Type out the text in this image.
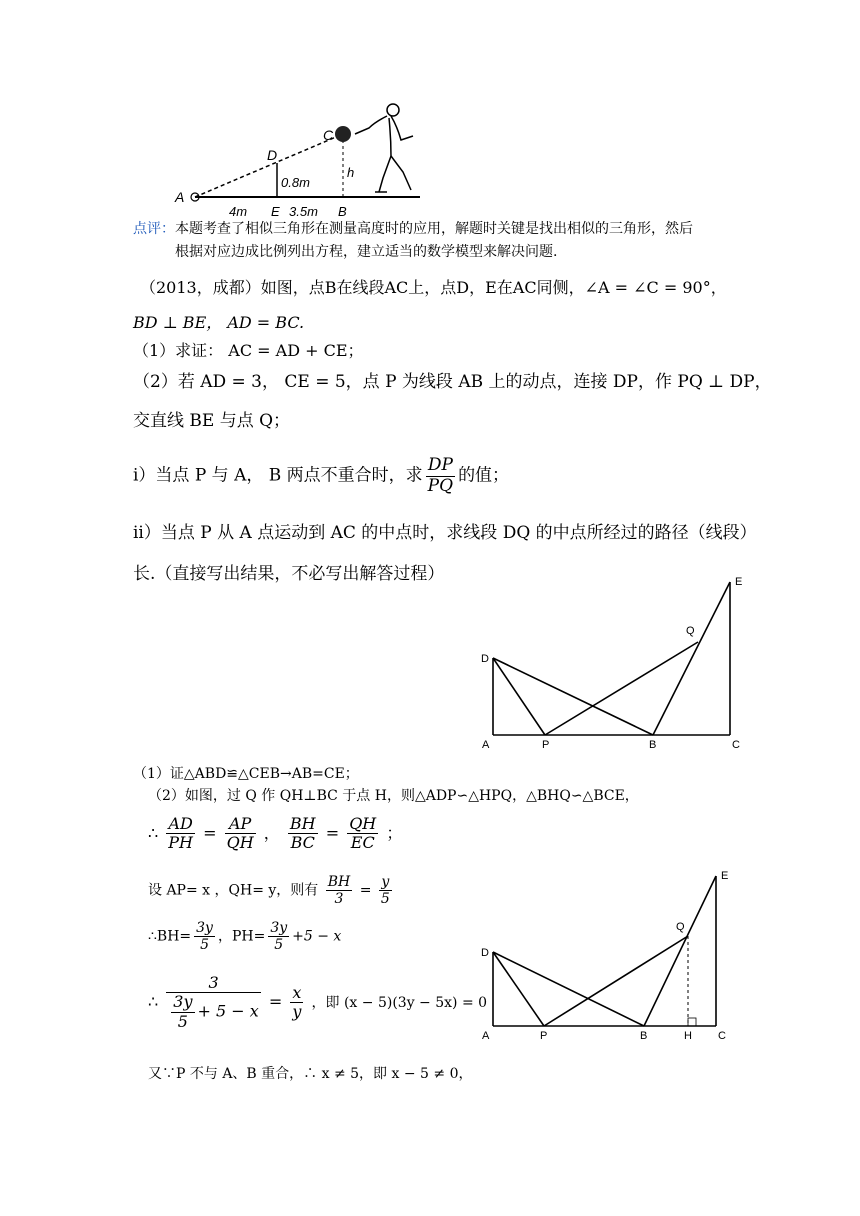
A
C
D
0.8m
h
4m E 3.5m B
点评：本题考查了相似三角形在测量高度时的应用，解题时关键是找出相似的三角形，然后
根据对应边成比例列出方程，建立适当的数学模型来解决问题.
（2013，成都）如图，点B在线段AC上，点D，E在AC同侧，∠A = ∠C = 90°，
BD ⊥ BE， AD = BC.
（1）求证： AC = AD + CE；
（2）若 AD = 3， CE = 5，点 P 为线段 AB 上的动点，连接 DP，作 PQ ⊥ DP，
交直线 BE 与点 Q；
i）当点 P 与 A， B 两点不重合时，求 $\frac{DP}{PQ}$ 的值；
ii）当点 P 从 A 点运动到 AC 的中点时，求线段 DQ 的中点所经过的路径（线段）
长.（直接写出结果，不必写出解答过程）
A	P	B	C
D
Q
E
（1）证△ABD≌△CEB→AB=CE；
（2）如图，过 Q 作 QH⊥BC 于点 H，则△ADP∽△HPQ，△BHQ∽△BCE，
∴ $\frac{AD}{PH} = \frac{AP}{QH}$ ， $\frac{BH}{BC} = \frac{QH}{EC}$ ；
设 AP= x ，QH= y，则有 $\frac{BH}{3} = \frac{y}{5}$
∴BH= $\frac{3y}{5}$ ，$PH= \frac{3y}{5} +5 - x$
∴ $\frac{3}{\frac{3y}{5} + 5 - x} = \frac{x}{y}$ ，即 (x − 5)(3y − 5x) = 0
又∵P 不与 A、B 重合，∴ x ≠ 5，即 x − 5 ≠ 0，
A	P	B	H C
D
Q
E
